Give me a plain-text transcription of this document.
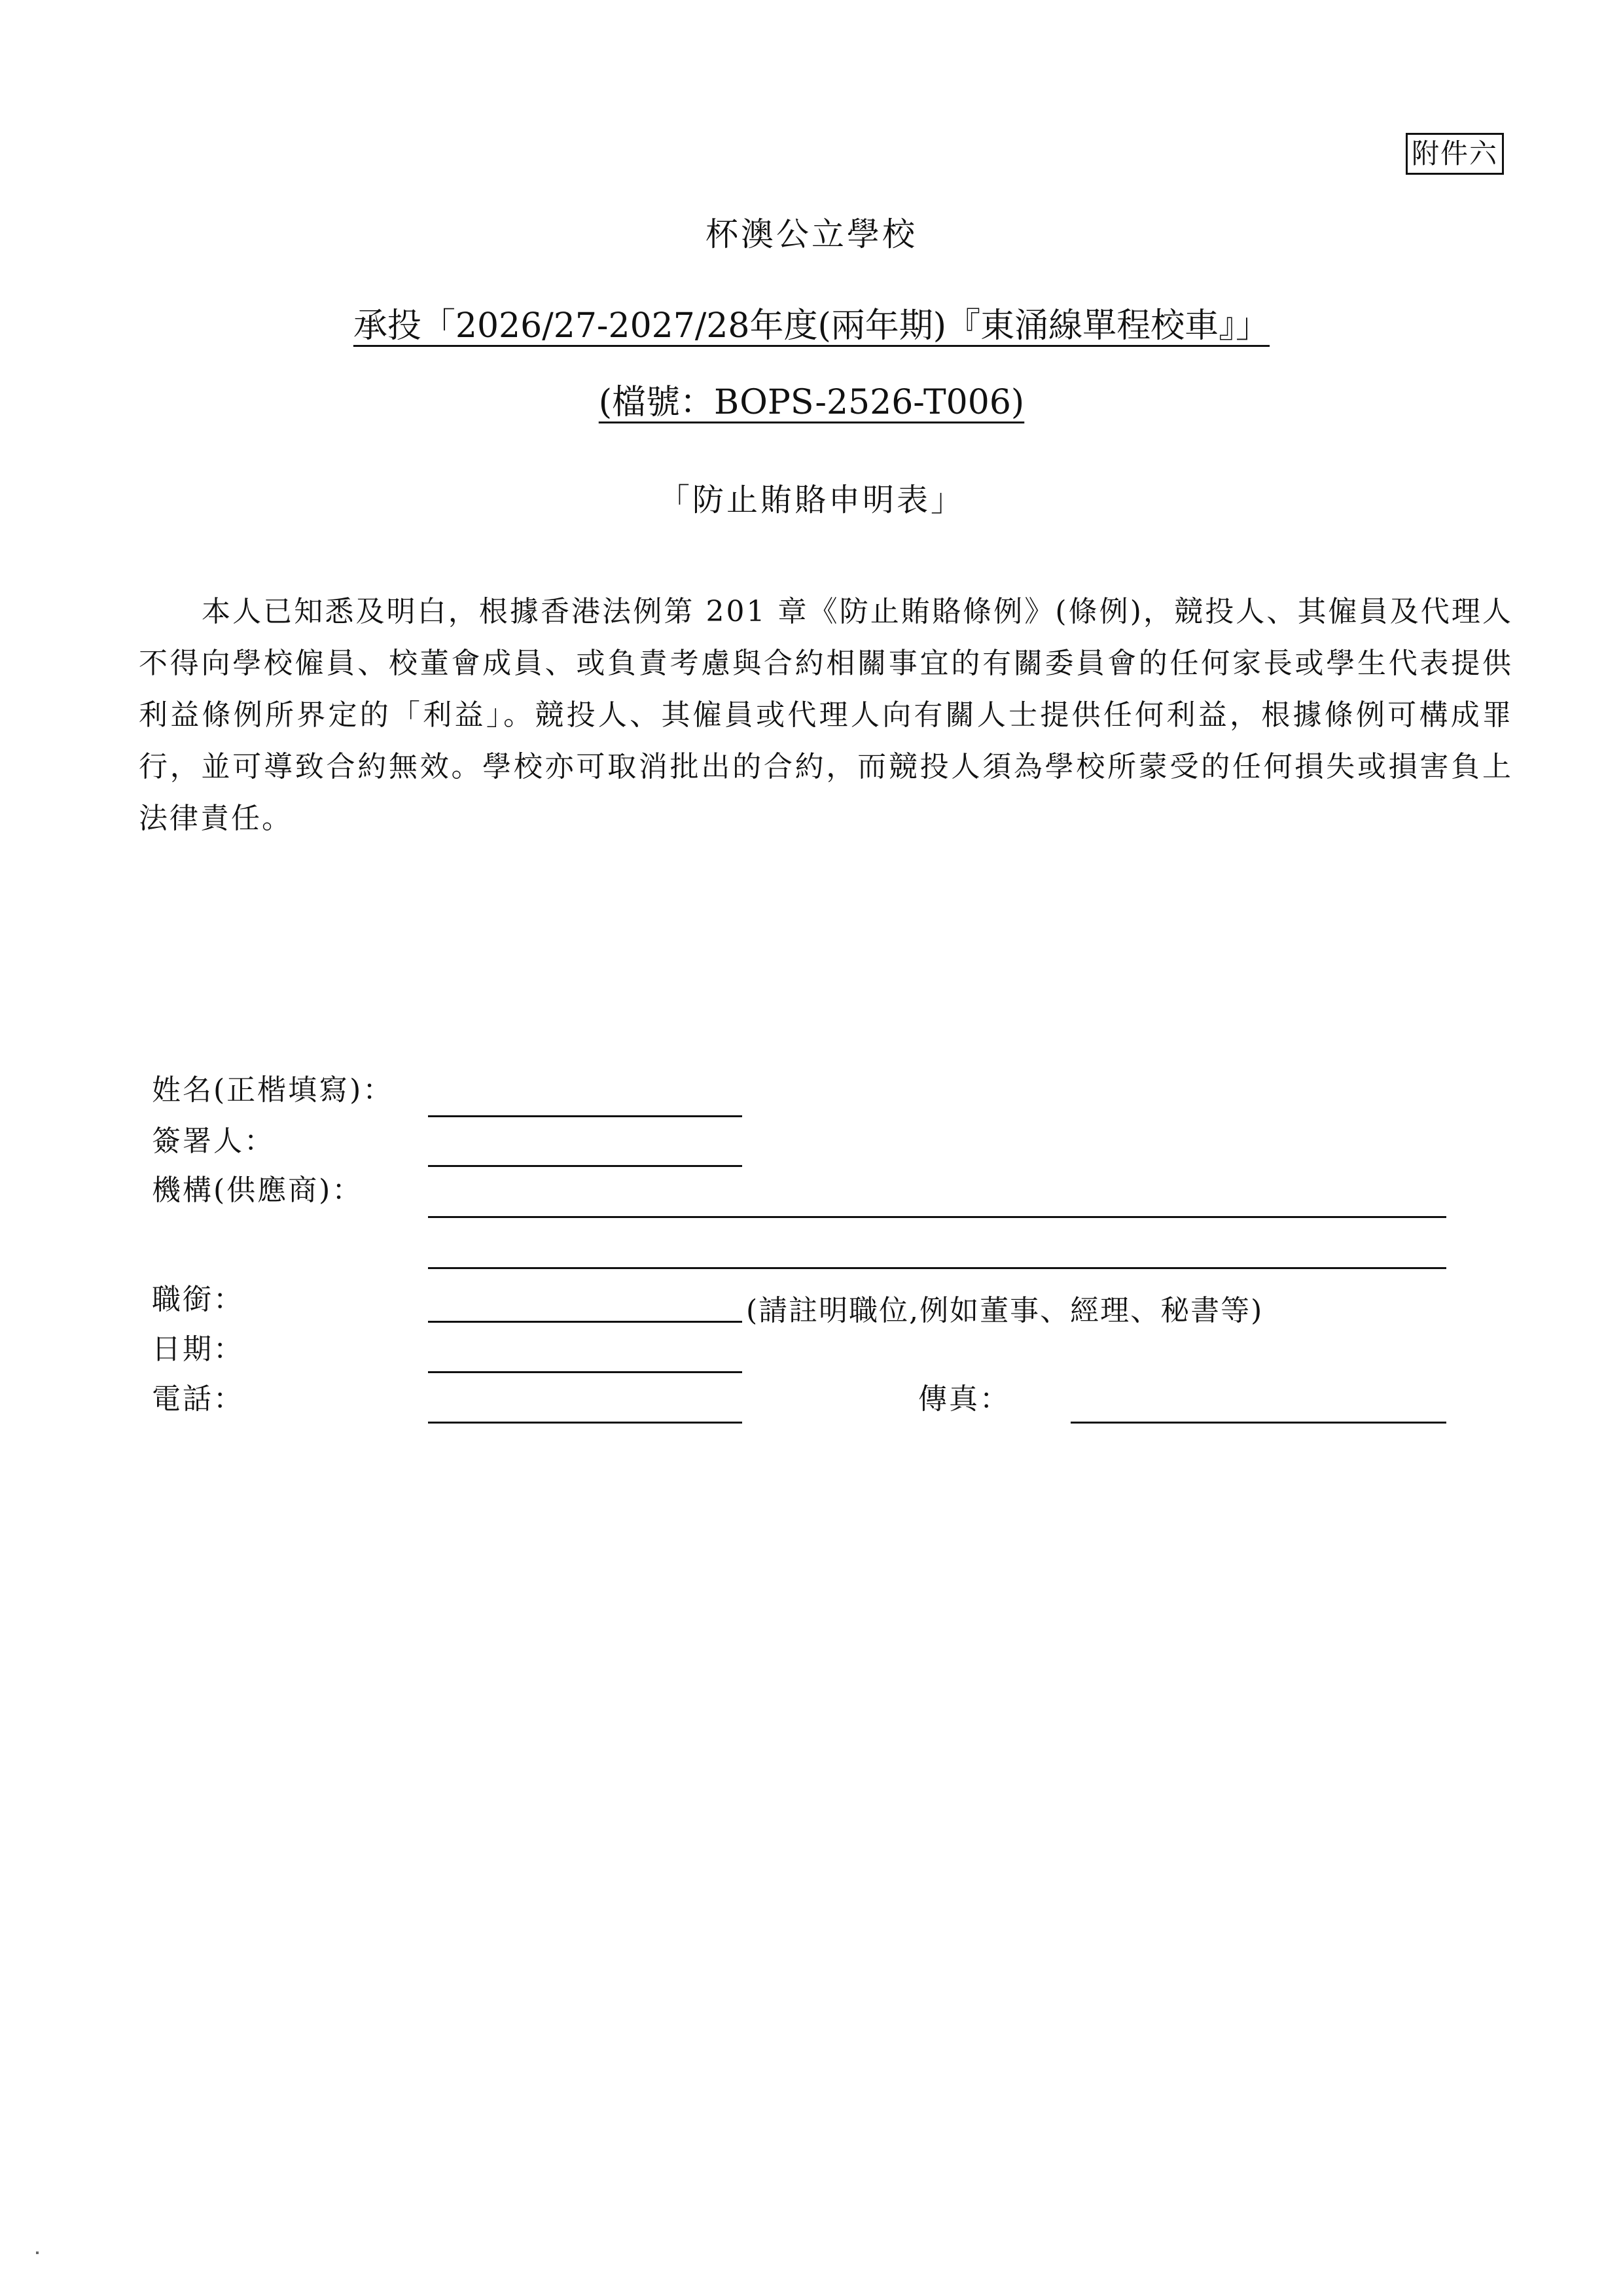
附件六
杯澳公立學校
承投「2026/27-2027/28年度(兩年期)『東涌線單程校車』」
(檔號：BOPS-2526-T006)
「防止賄賂申明表」

本人已知悉及明白，根據香港法例第 201 章《防止賄賂條例》(條例)，競投人、其僱員及代理人不得向學校僱員、校董會成員、或負責考慮與合約相關事宜的有關委員會的任何家長或學生代表提供利益條例所界定的「利益」。競投人、其僱員或代理人向有關人士提供任何利益，根據條例可構成罪行，並可導致合約無效。學校亦可取消批出的合約，而競投人須為學校所蒙受的任何損失或損害負上法律責任。

姓名(正楷填寫)：
簽署人：
機構(供應商)：
職銜：	(請註明職位,例如董事、經理、秘書等)
日期：
電話：	傳真：
